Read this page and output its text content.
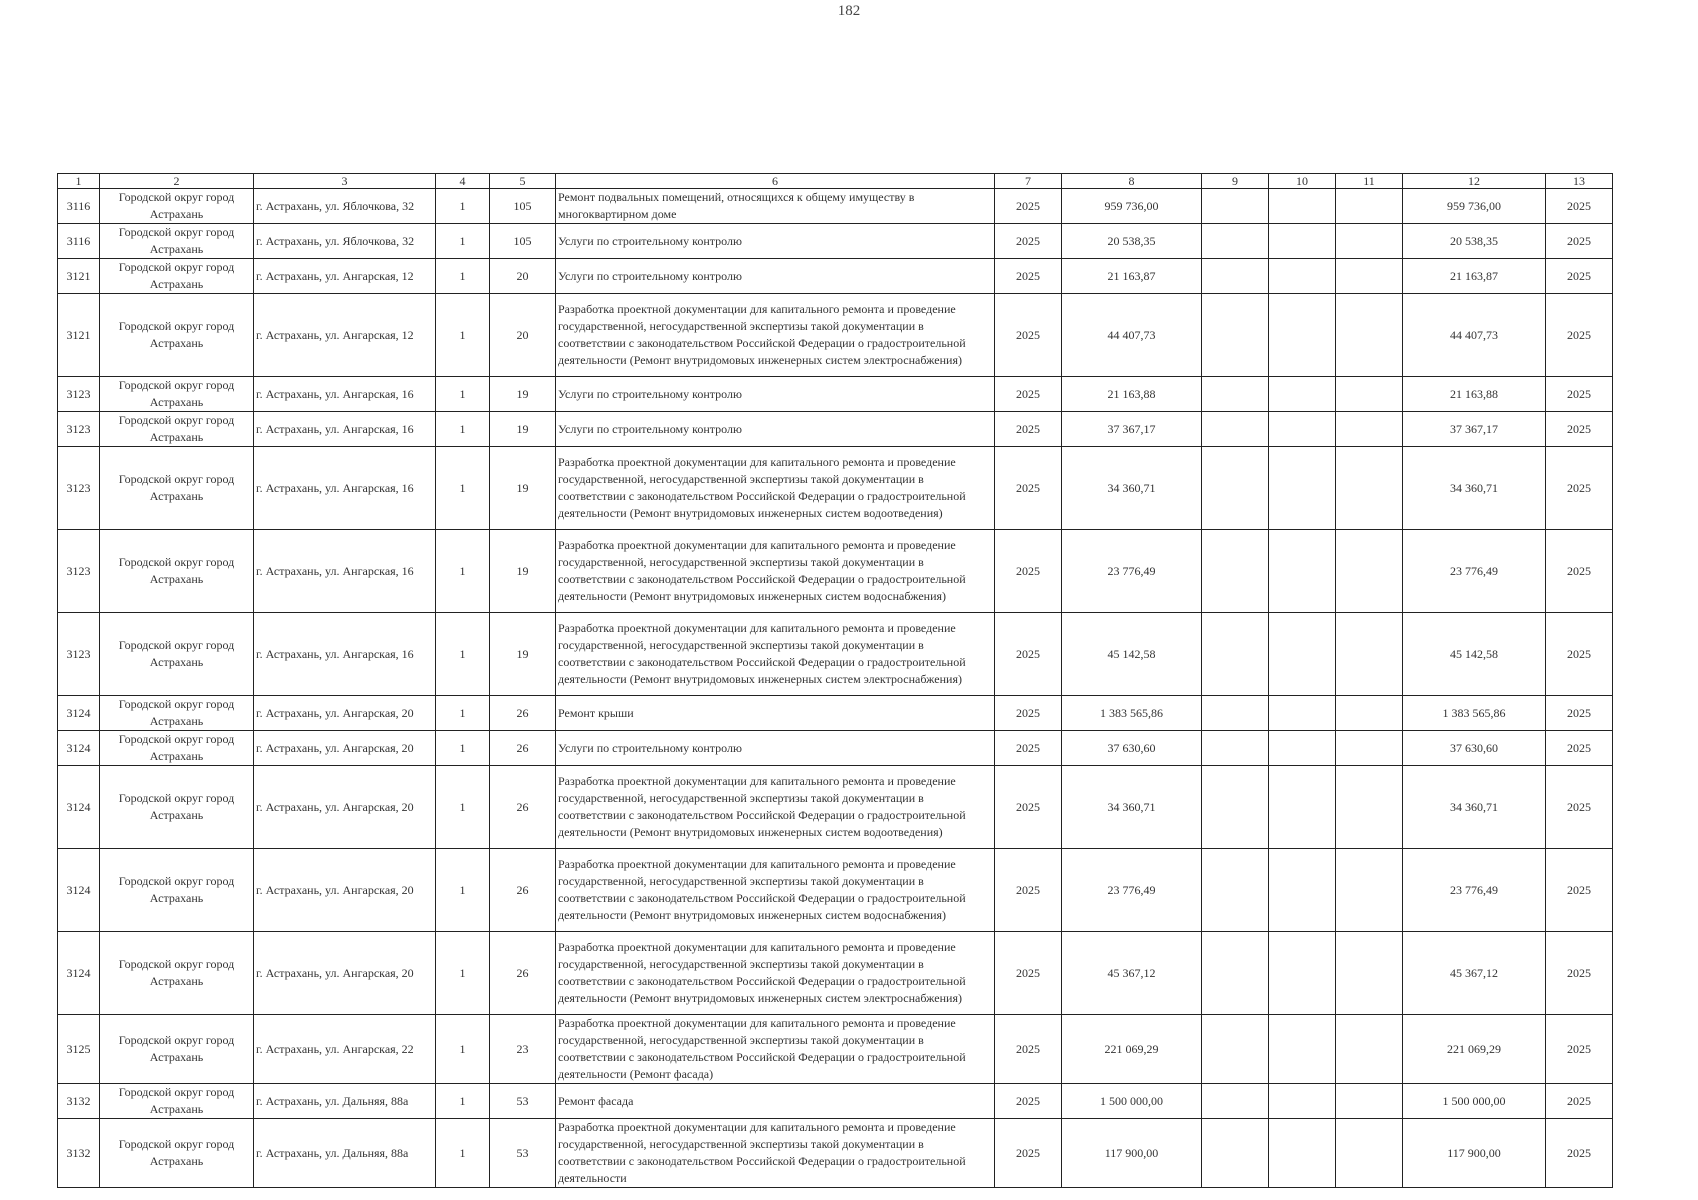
182
1	2	3	4	5	6	7	8	9	10	11	12	13
3116	Городской округ город Астрахань	г. Астрахань, ул. Яблочкова, 32	1	105	Ремонт подвальных помещений, относящихся к общему имуществу в многоквартирном доме	2025	959 736,00				959 736,00	2025
3116	Городской округ город Астрахань	г. Астрахань, ул. Яблочкова, 32	1	105	Услуги по строительному контролю	2025	20 538,35				20 538,35	2025
3121	Городской округ город Астрахань	г. Астрахань, ул. Ангарская, 12	1	20	Услуги по строительному контролю	2025	21 163,87				21 163,87	2025
3121	Городской округ город Астрахань	г. Астрахань, ул. Ангарская, 12	1	20	Разработка проектной документации для капитального ремонта и проведение государственной, негосударственной экспертизы такой документации в соответствии с законодательством Российской Федерации о градостроительной деятельности (Ремонт внутридомовых инженерных систем электроснабжения)	2025	44 407,73				44 407,73	2025
3123	Городской округ город Астрахань	г. Астрахань, ул. Ангарская, 16	1	19	Услуги по строительному контролю	2025	21 163,88				21 163,88	2025
3123	Городской округ город Астрахань	г. Астрахань, ул. Ангарская, 16	1	19	Услуги по строительному контролю	2025	37 367,17				37 367,17	2025
3123	Городской округ город Астрахань	г. Астрахань, ул. Ангарская, 16	1	19	Разработка проектной документации для капитального ремонта и проведение государственной, негосударственной экспертизы такой документации в соответствии с законодательством Российской Федерации о градостроительной деятельности (Ремонт внутридомовых инженерных систем водоотведения)	2025	34 360,71				34 360,71	2025
3123	Городской округ город Астрахань	г. Астрахань, ул. Ангарская, 16	1	19	Разработка проектной документации для капитального ремонта и проведение государственной, негосударственной экспертизы такой документации в соответствии с законодательством Российской Федерации о градостроительной деятельности (Ремонт внутридомовых инженерных систем водоснабжения)	2025	23 776,49				23 776,49	2025
3123	Городской округ город Астрахань	г. Астрахань, ул. Ангарская, 16	1	19	Разработка проектной документации для капитального ремонта и проведение государственной, негосударственной экспертизы такой документации в соответствии с законодательством Российской Федерации о градостроительной деятельности (Ремонт внутридомовых инженерных систем электроснабжения)	2025	45 142,58				45 142,58	2025
3124	Городской округ город Астрахань	г. Астрахань, ул. Ангарская, 20	1	26	Ремонт крыши	2025	1 383 565,86				1 383 565,86	2025
3124	Городской округ город Астрахань	г. Астрахань, ул. Ангарская, 20	1	26	Услуги по строительному контролю	2025	37 630,60				37 630,60	2025
3124	Городской округ город Астрахань	г. Астрахань, ул. Ангарская, 20	1	26	Разработка проектной документации для капитального ремонта и проведение государственной, негосударственной экспертизы такой документации в соответствии с законодательством Российской Федерации о градостроительной деятельности (Ремонт внутридомовых инженерных систем водоотведения)	2025	34 360,71				34 360,71	2025
3124	Городской округ город Астрахань	г. Астрахань, ул. Ангарская, 20	1	26	Разработка проектной документации для капитального ремонта и проведение государственной, негосударственной экспертизы такой документации в соответствии с законодательством Российской Федерации о градостроительной деятельности (Ремонт внутридомовых инженерных систем водоснабжения)	2025	23 776,49				23 776,49	2025
3124	Городской округ город Астрахань	г. Астрахань, ул. Ангарская, 20	1	26	Разработка проектной документации для капитального ремонта и проведение государственной, негосударственной экспертизы такой документации в соответствии с законодательством Российской Федерации о градостроительной деятельности (Ремонт внутридомовых инженерных систем электроснабжения)	2025	45 367,12				45 367,12	2025
3125	Городской округ город Астрахань	г. Астрахань, ул. Ангарская, 22	1	23	Разработка проектной документации для капитального ремонта и проведение государственной, негосударственной экспертизы такой документации в соответствии с законодательством Российской Федерации о градостроительной деятельности (Ремонт фасада)	2025	221 069,29				221 069,29	2025
3132	Городской округ город Астрахань	г. Астрахань, ул. Дальняя, 88а	1	53	Ремонт фасада	2025	1 500 000,00				1 500 000,00	2025
3132	Городской округ город Астрахань	г. Астрахань, ул. Дальняя, 88а	1	53	Разработка проектной документации для капитального ремонта и проведение государственной, негосударственной экспертизы такой документации в соответствии с законодательством Российской Федерации о градостроительной деятельности	2025	117 900,00				117 900,00	2025
